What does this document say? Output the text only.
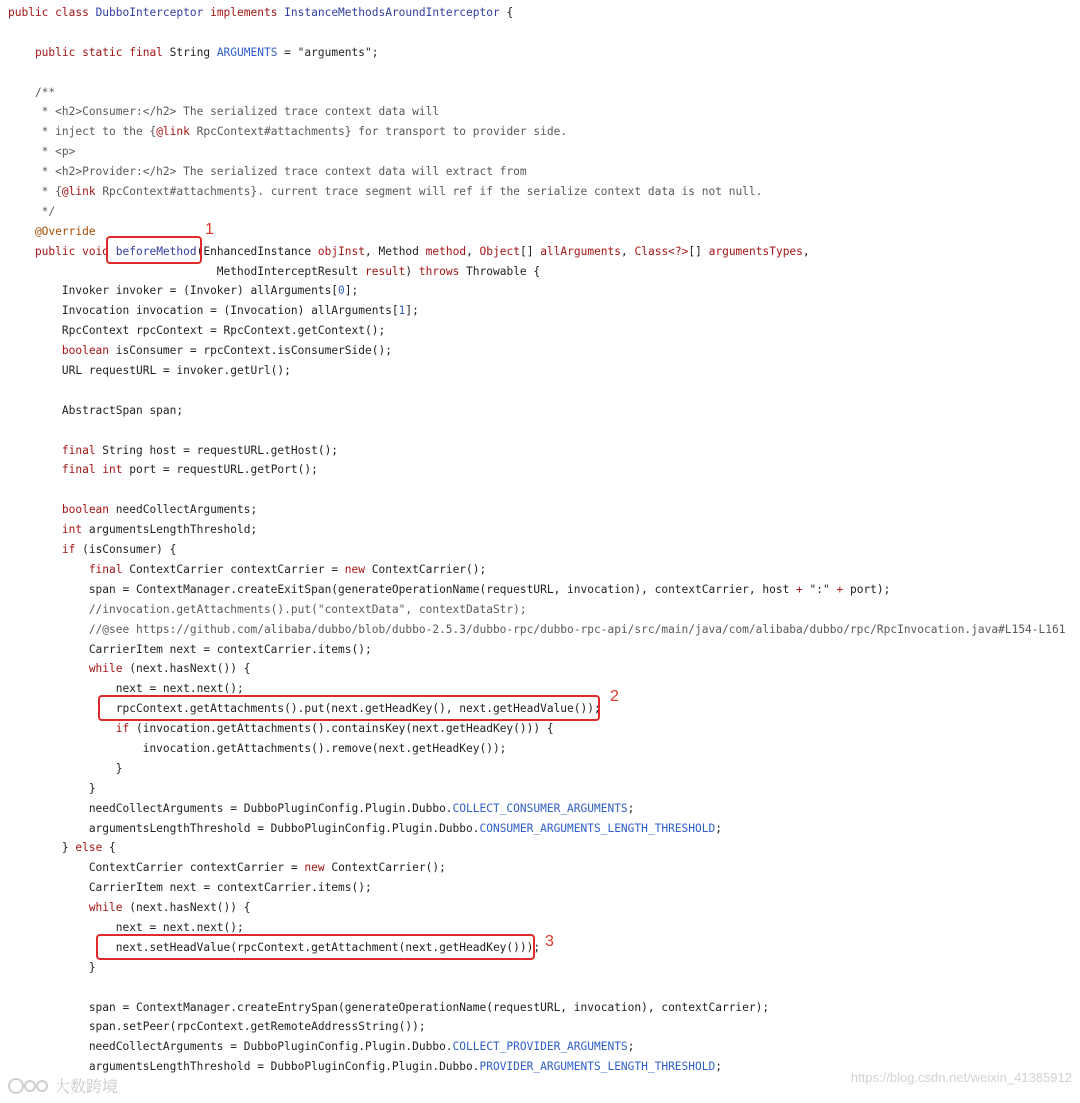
public class DubboInterceptor implements InstanceMethodsAroundInterceptor {

public static final String ARGUMENTS = "arguments";

/**
* <h2>Consumer:</h2> The serialized trace context data will
* inject to the {@link RpcContext#attachments} for transport to provider side.
* <p>
* <h2>Provider:</h2> The serialized trace context data will extract from
* {@link RpcContext#attachments}. current trace segment will ref if the serialize context data is not null.
*/
@Override
public void beforeMethod(EnhancedInstance objInst, Method method, Object[] allArguments, Class<?>[] argumentsTypes,
MethodInterceptResult result) throws Throwable {
Invoker invoker = (Invoker) allArguments[0];
Invocation invocation = (Invocation) allArguments[1];
RpcContext rpcContext = RpcContext.getContext();
boolean isConsumer = rpcContext.isConsumerSide();
URL requestURL = invoker.getUrl();

AbstractSpan span;

final String host = requestURL.getHost();
final int port = requestURL.getPort();

boolean needCollectArguments;
int argumentsLengthThreshold;
if (isConsumer) {
final ContextCarrier contextCarrier = new ContextCarrier();
span = ContextManager.createExitSpan(generateOperationName(requestURL, invocation), contextCarrier, host + ":" + port);
//invocation.getAttachments().put("contextData", contextDataStr);
//@see https://github.com/alibaba/dubbo/blob/dubbo-2.5.3/dubbo-rpc/dubbo-rpc-api/src/main/java/com/alibaba/dubbo/rpc/RpcInvocation.java#L154-L161
CarrierItem next = contextCarrier.items();
while (next.hasNext()) {
next = next.next();
rpcContext.getAttachments().put(next.getHeadKey(), next.getHeadValue());
if (invocation.getAttachments().containsKey(next.getHeadKey())) {
invocation.getAttachments().remove(next.getHeadKey());
}
}
needCollectArguments = DubboPluginConfig.Plugin.Dubbo.COLLECT_CONSUMER_ARGUMENTS;
argumentsLengthThreshold = DubboPluginConfig.Plugin.Dubbo.CONSUMER_ARGUMENTS_LENGTH_THRESHOLD;
} else {
ContextCarrier contextCarrier = new ContextCarrier();
CarrierItem next = contextCarrier.items();
while (next.hasNext()) {
next = next.next();
next.setHeadValue(rpcContext.getAttachment(next.getHeadKey()));
}

span = ContextManager.createEntrySpan(generateOperationName(requestURL, invocation), contextCarrier);
span.setPeer(rpcContext.getRemoteAddressString());
needCollectArguments = DubboPluginConfig.Plugin.Dubbo.COLLECT_PROVIDER_ARGUMENTS;
argumentsLengthThreshold = DubboPluginConfig.Plugin.Dubbo.PROVIDER_ARGUMENTS_LENGTH_THRESHOLD;
1
2
3
大数跨境
https://blog.csdn.net/weixin_41385912
